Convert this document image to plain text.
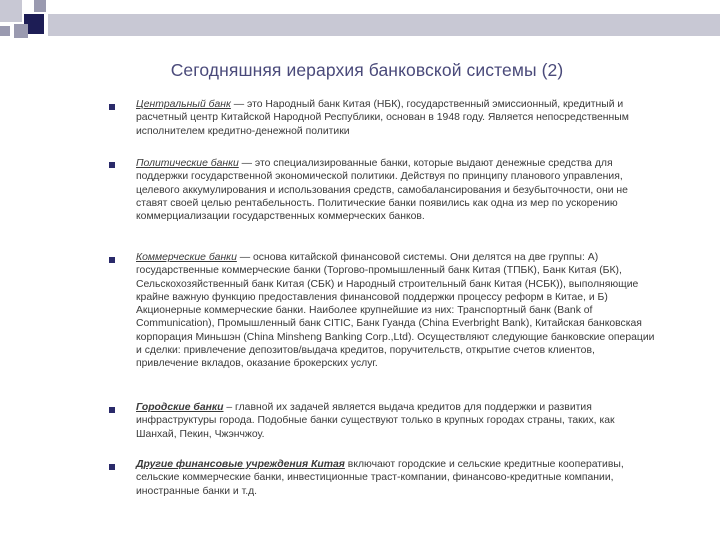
Сегодняшняя иерархия банковской системы (2)

Центральный банк — это Народный банк Китая (НБК), государственный эмиссионный, кредитный и расчетный центр Китайской Народной Республики, основан в 1948 году. Является непосредственным исполнителем кредитно-денежной политики

Политические банки — это специализированные банки, которые выдают денежные средства для поддержки государственной экономической политики. Действуя по принципу планового управления, целевого аккумулирования и использования средств, самобалансирования и безубыточности, они не ставят своей целью рентабельность. Политические банки появились как одна из мер по ускорению коммерциализации государственных коммерческих банков.

Коммерческие банки — основа китайской финансовой системы. Они делятся на две группы: А) государственные коммерческие банки (Торгово-промышленный банк Китая (ТПБК), Банк Китая (БК), Сельскохозяйственный банк Китая (СБК) и Народный строительный банк Китая (НСБК)), выполняющие крайне важную функцию предоставления финансовой поддержки процессу реформ в Китае, и Б) Акционерные коммерческие банки. Наиболее крупнейшие из них: Транспортный банк (Bank of Communication), Промышленный банк CITIC, Банк Гуанда (China Everbright Bank), Китайская банковская корпорация Миньшэн (China Minsheng Banking Corp.,Ltd). Осуществляют следующие банковские операции и сделки: привлечение депозитов/выдача кредитов, поручительств, открытие счетов клиентов, привлечение вкладов, оказание брокерских услуг.

Городские банки – главной их задачей является выдача кредитов для поддержки и развития инфраструктуры города. Подобные банки существуют только в крупных городах страны, таких, как Шанхай, Пекин, Чжэнчжоу.

Другие финансовые учреждения Китая включают городские и сельские кредитные кооперативы, сельские коммерческие банки, инвестиционные траст-компании, финансово-кредитные компании, иностранные банки и т.д.
